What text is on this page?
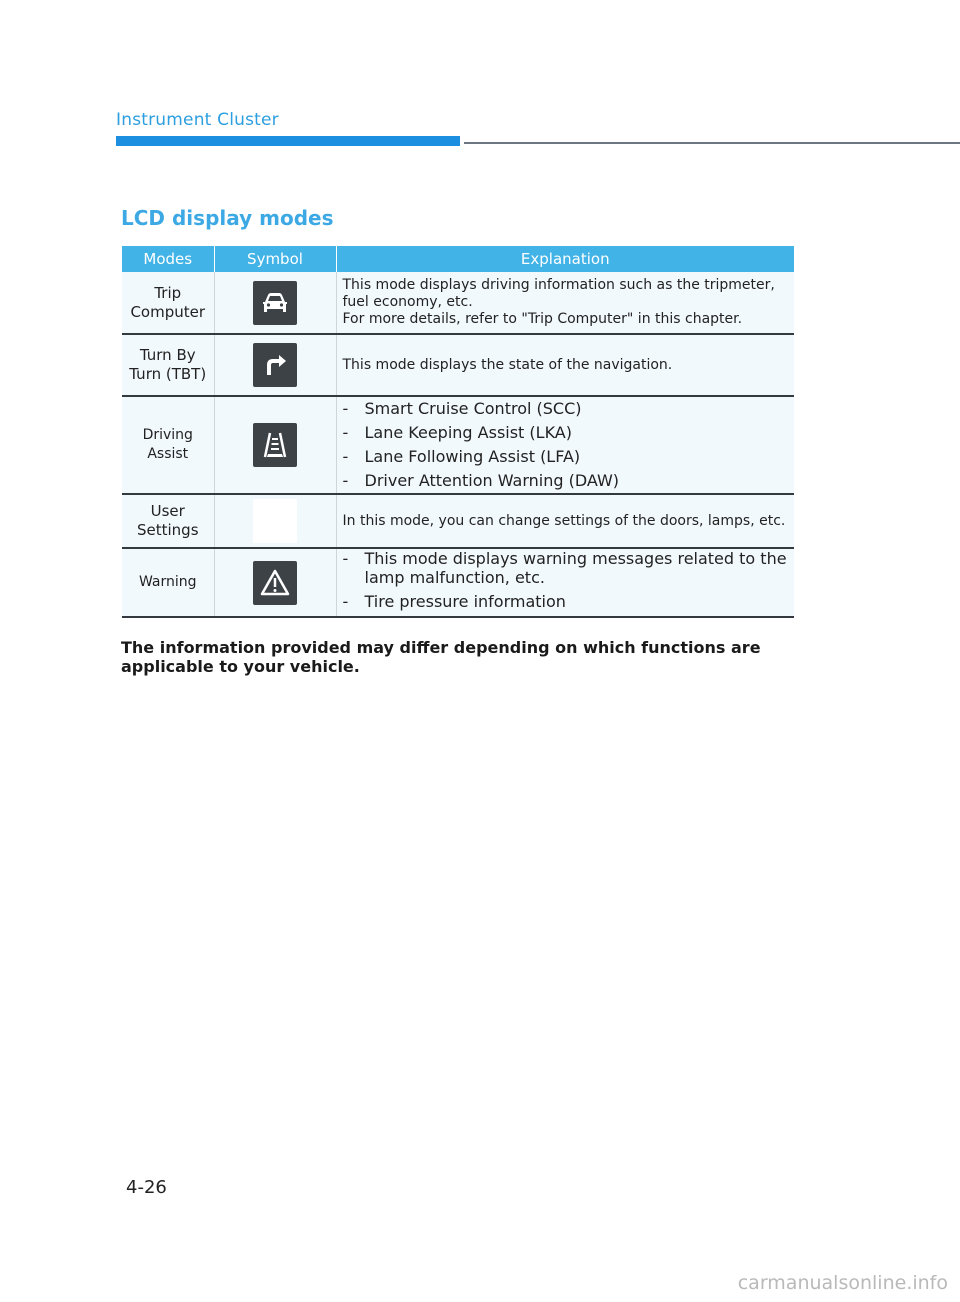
Instrument Cluster
LCD display modes
Modes	Symbol	Explanation
Trip Computer		This mode displays driving information such as the tripmeter, fuel economy, etc.
For more details, refer to "Trip Computer" in this chapter.

Turn By Turn (TBT)		This mode displays the state of the navigation.

Driving Assist		- Smart Cruise Control (SCC)
- Lane Keeping Assist (LKA)
- Lane Following Assist (LFA)
- Driver Attention Warning (DAW)

User Settings		In this mode, you can change settings of the doors, lamps, etc.

Warning		- This mode displays warning messages related to the lamp malfunction, etc.
- Tire pressure information
The information provided may differ depending on which functions are applicable to your vehicle.
4-26
carmanualsonline.info
